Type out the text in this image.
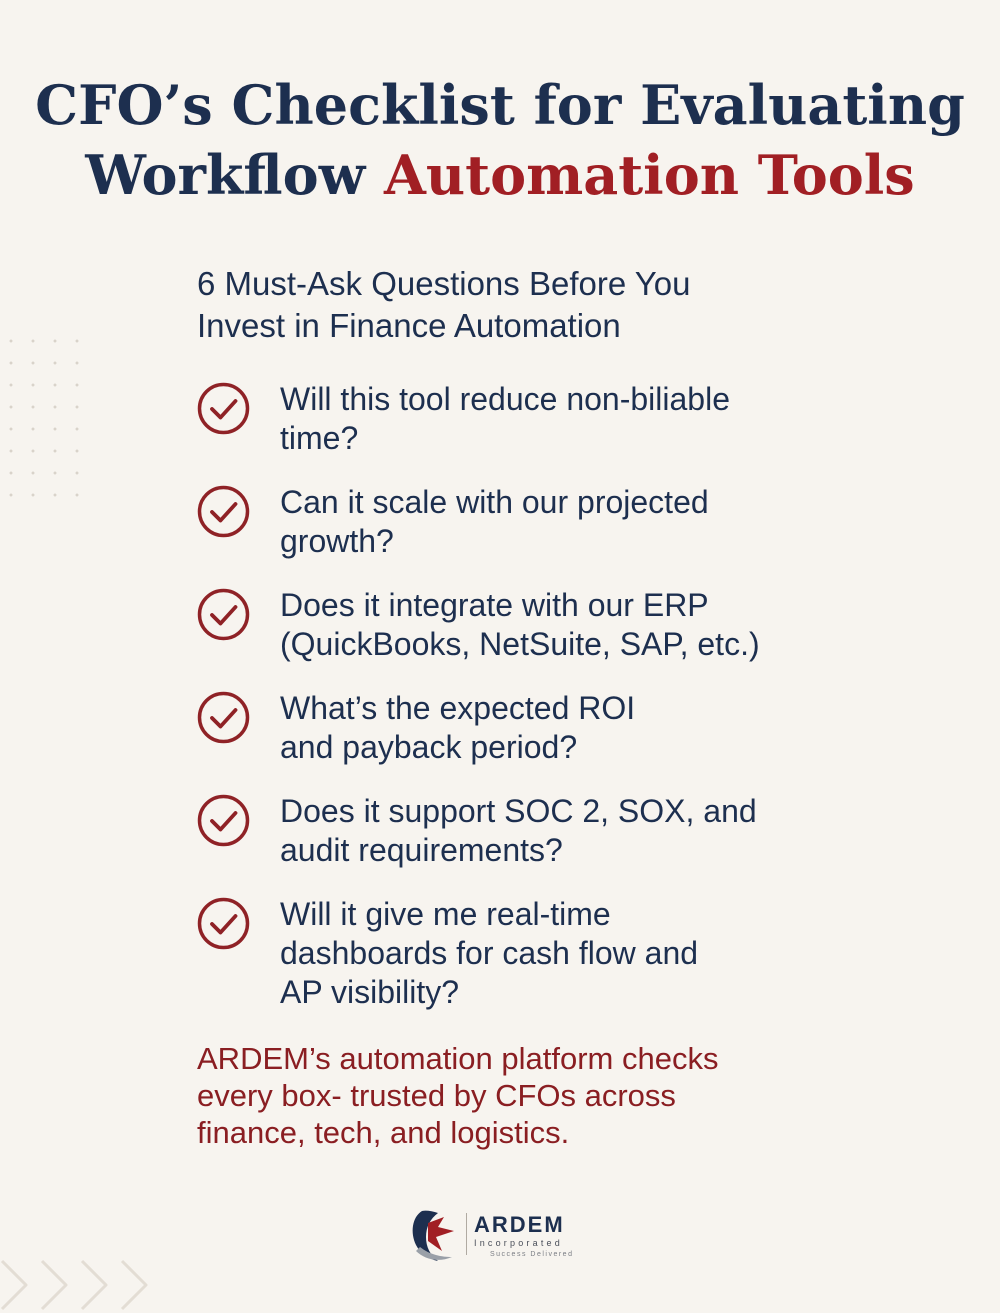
CFO’s Checklist for Evaluating
Workflow Automation Tools
6 Must-Ask Questions Before You
Invest in Finance Automation
Will this tool reduce non-biliable
time?
Can it scale with our projected
growth?
Does it integrate with our ERP
(QuickBooks, NetSuite, SAP, etc.)
What’s the expected ROI
and payback period?
Does it support SOC 2, SOX, and
audit requirements?
Will it give me real-time
dashboards for cash flow and
AP visibility?
ARDEM’s automation platform checks
every box- trusted by CFOs across
finance, tech, and logistics.
ARDEM
Incorporated
Success Delivered
